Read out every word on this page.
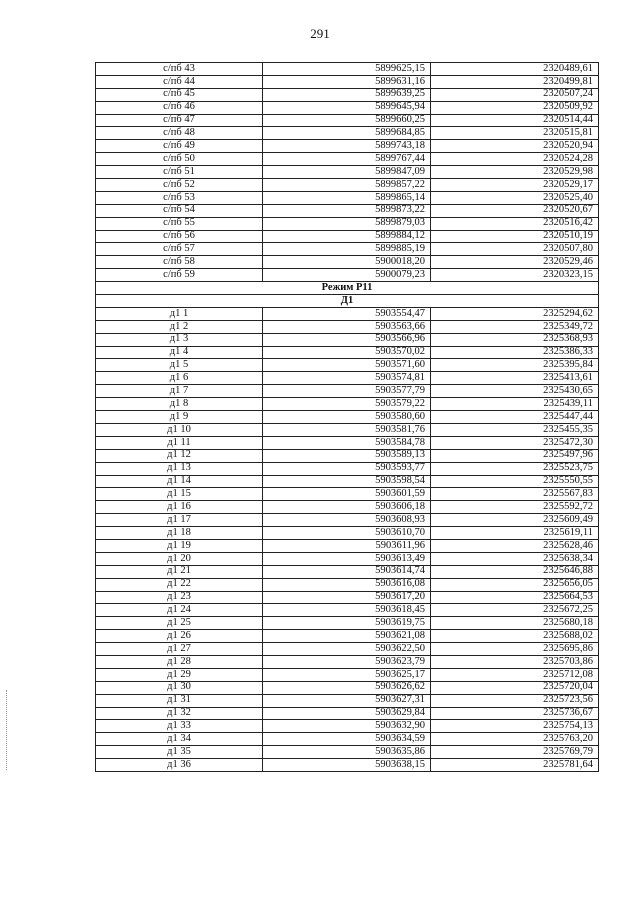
291
с/пб 43	5899625,15	2320489,61
с/пб 44	5899631,16	2320499,81
с/пб 45	5899639,25	2320507,24
с/пб 46	5899645,94	2320509,92
с/пб 47	5899660,25	2320514,44
с/пб 48	5899684,85	2320515,81
с/пб 49	5899743,18	2320520,94
с/пб 50	5899767,44	2320524,28
с/пб 51	5899847,09	2320529,98
с/пб 52	5899857,22	2320529,17
с/пб 53	5899865,14	2320525,40
с/пб 54	5899873,22	2320520,67
с/пб 55	5899879,03	2320516,42
с/пб 56	5899884,12	2320510,19
с/пб 57	5899885,19	2320507,80
с/пб 58	5900018,20	2320529,46
с/пб 59	5900079,23	2320323,15
Режим Р11		
Д1		
д1 1	5903554,47	2325294,62
д1 2	5903563,66	2325349,72
д1 3	5903566,96	2325368,93
д1 4	5903570,02	2325386,33
д1 5	5903571,60	2325395,84
д1 6	5903574,81	2325413,61
д1 7	5903577,79	2325430,65
д1 8	5903579,22	2325439,11
д1 9	5903580,60	2325447,44
д1 10	5903581,76	2325455,35
д1 11	5903584,78	2325472,30
д1 12	5903589,13	2325497,96
д1 13	5903593,77	2325523,75
д1 14	5903598,54	2325550,55
д1 15	5903601,59	2325567,83
д1 16	5903606,18	2325592,72
д1 17	5903608,93	2325609,49
д1 18	5903610,70	2325619,11
д1 19	5903611,96	2325628,46
д1 20	5903613,49	2325638,34
д1 21	5903614,74	2325646,88
д1 22	5903616,08	2325656,05
д1 23	5903617,20	2325664,53
д1 24	5903618,45	2325672,25
д1 25	5903619,75	2325680,18
д1 26	5903621,08	2325688,02
д1 27	5903622,50	2325695,86
д1 28	5903623,79	2325703,86
д1 29	5903625,17	2325712,08
д1 30	5903626,62	2325720,04
д1 31	5903627,31	2325723,56
д1 32	5903629,84	2325736,67
д1 33	5903632,90	2325754,13
д1 34	5903634,59	2325763,20
д1 35	5903635,86	2325769,79
д1 36	5903638,15	2325781,64
